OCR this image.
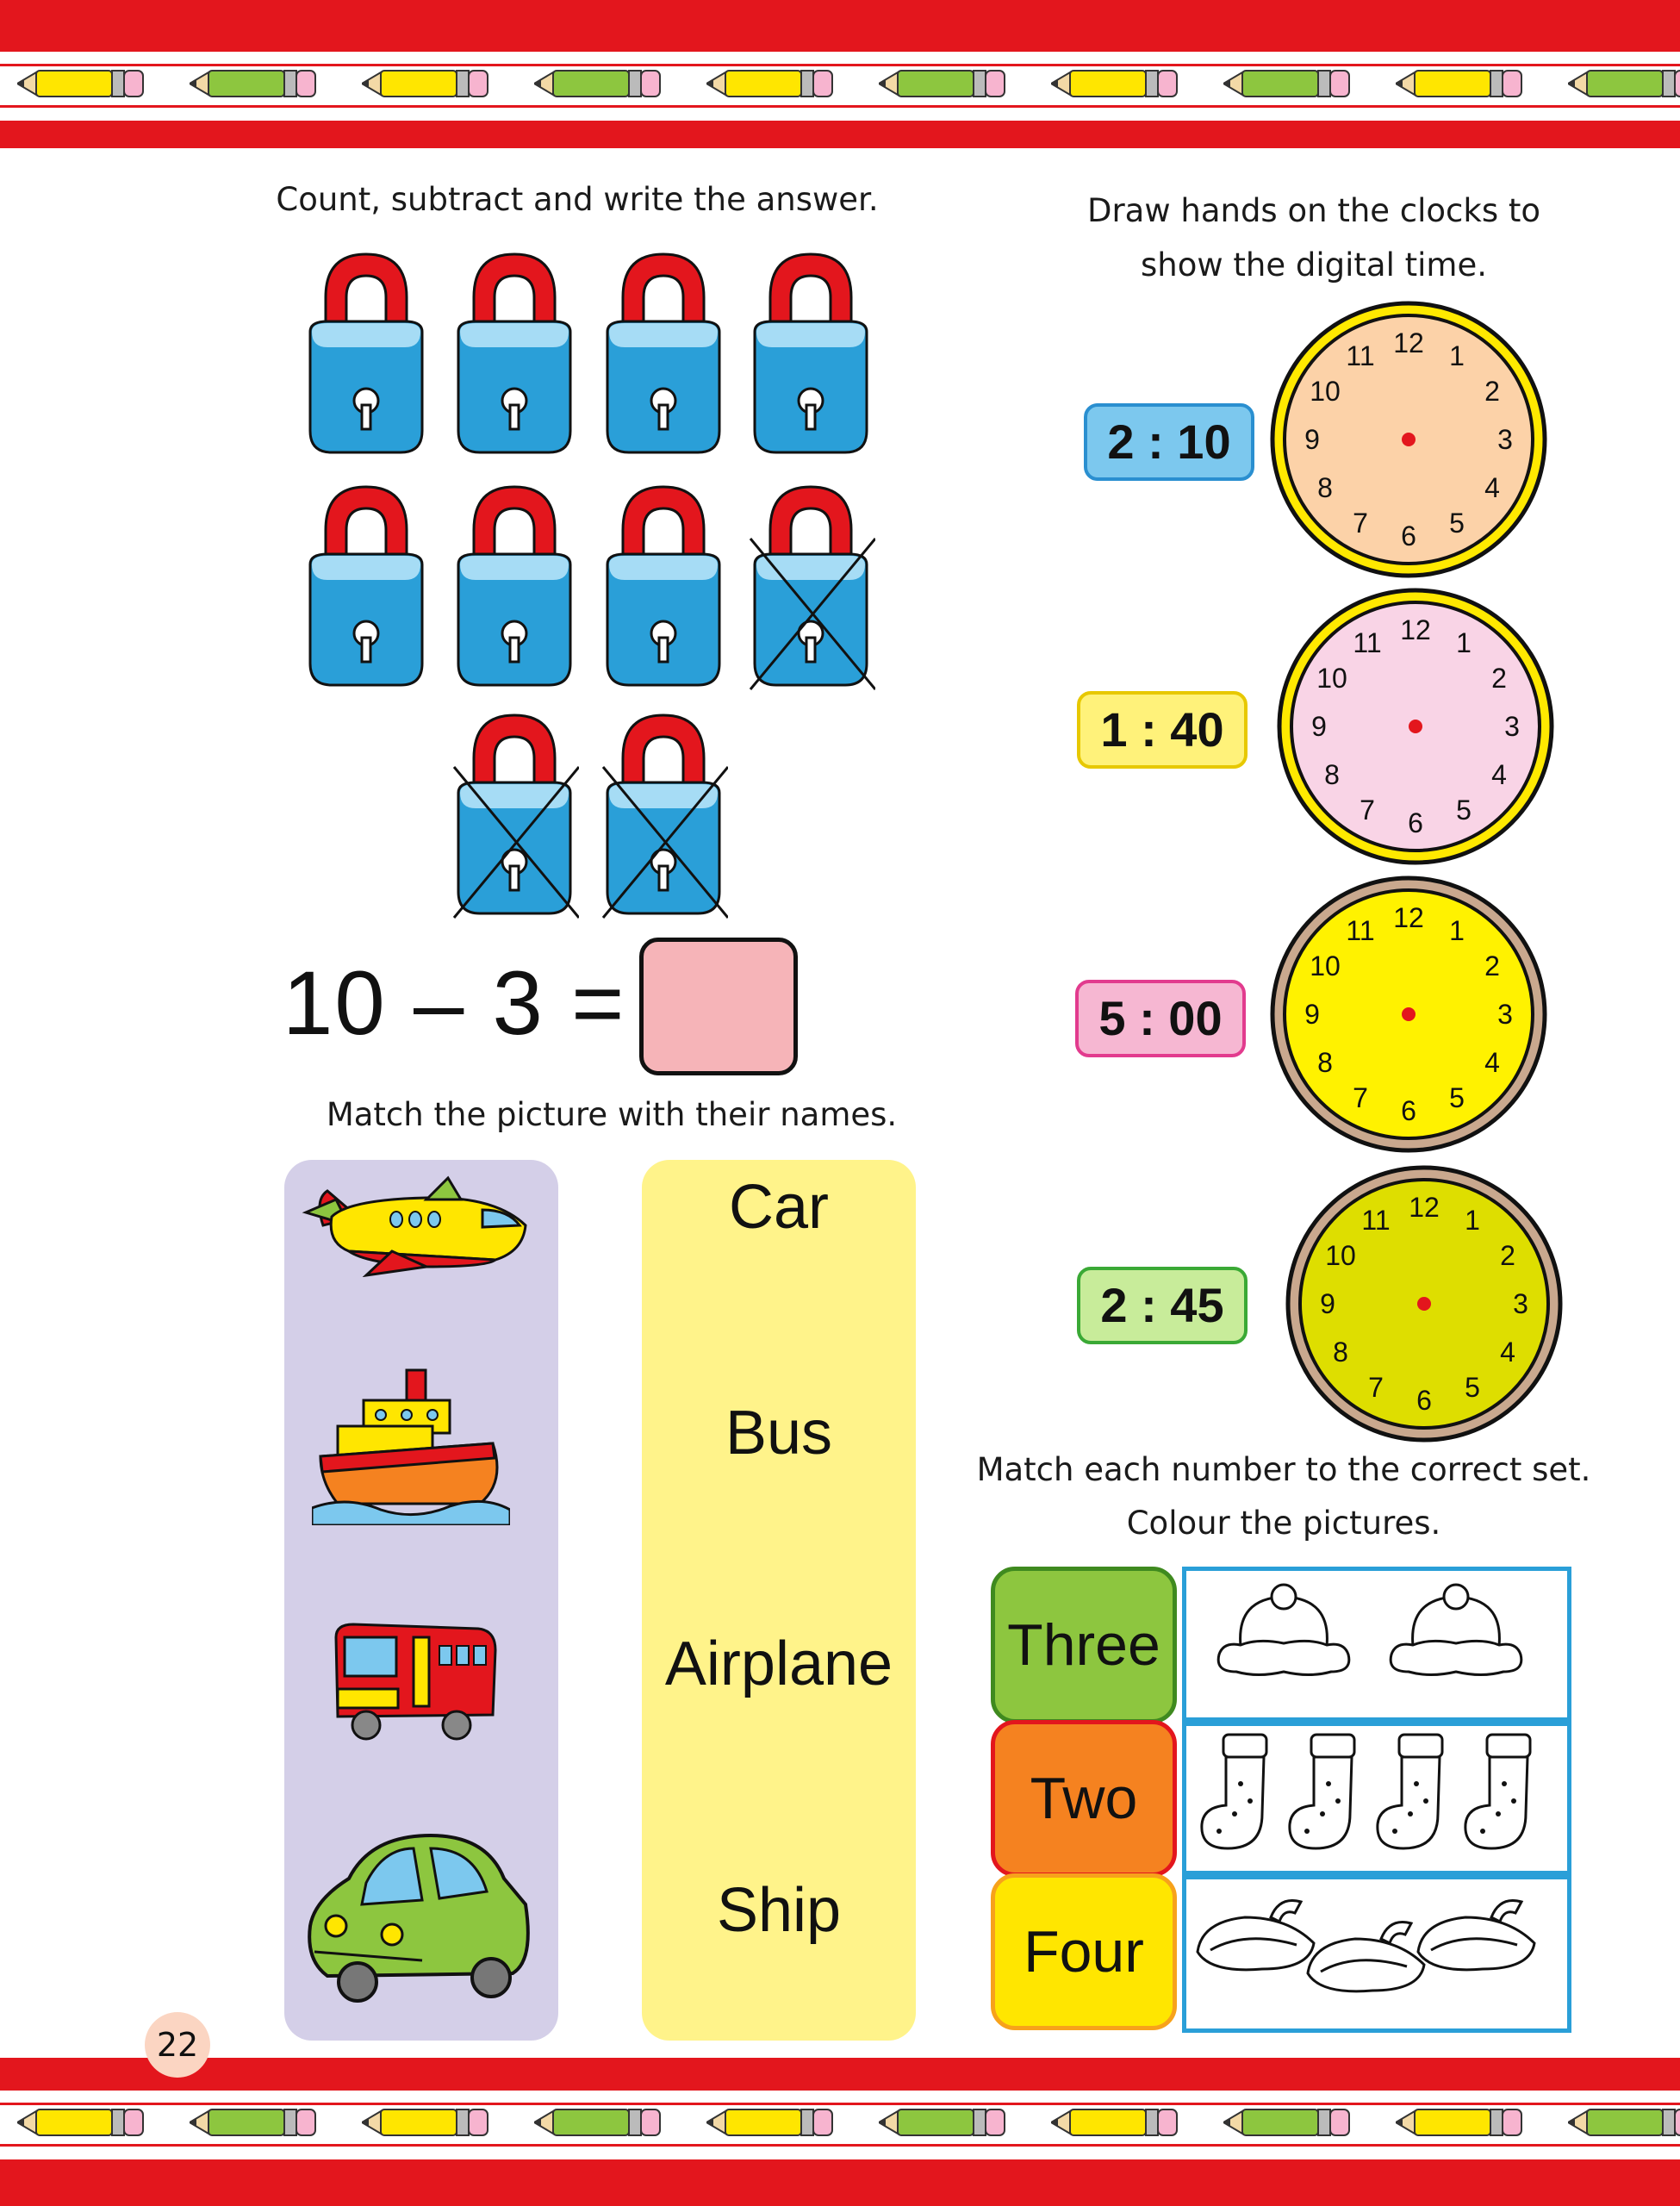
Count, subtract and write the answer.
10 – 3 =
Match the picture with their names.
Car
Bus
Airplane
Ship
Draw hands on the clocks to
show the digital time.
2 : 10
12 1
2
3
4
5
6
7
8
9
10
11
1 : 40
12 1
2
3
4
5
6
7
8
9
10
11
5 : 00
12 1
2
3
4
5
6
7
8
9
10
11
2 : 45
12 1
2
3
4
5
6
7
8
9
10
11
Match each number to the correct set.
Colour the pictures.
Three
Two
Four
22
